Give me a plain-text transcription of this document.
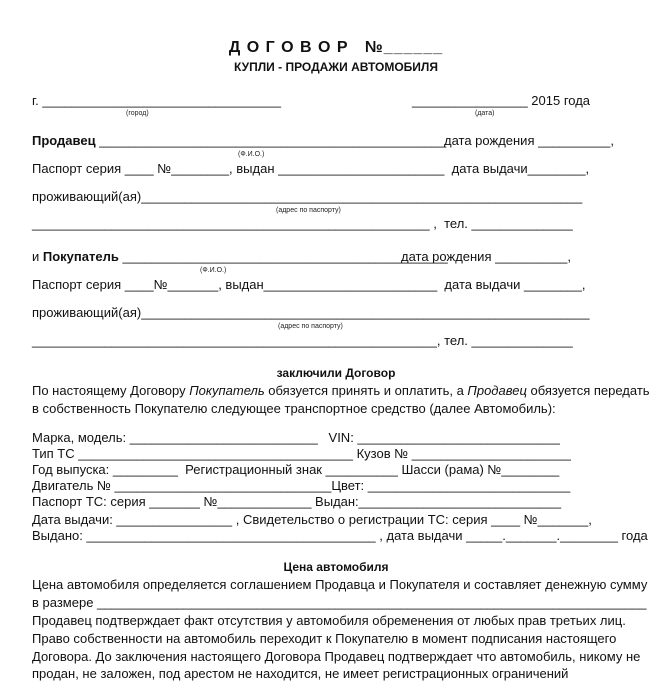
Д О Г О В О Р   №______
КУПЛИ - ПРОДАЖИ АВТОМОБИЛЯ
г. _________________________________
(город)
________________ 2015 года
(дата)
Продавец ________________________________________________
дата рождения __________,
(Ф.И.О.)
Паспорт серия ____ №________, выдан _______________________  дата выдачи________,
проживающий(ая)_____________________________________________________________
(адрес по паспорту)
_______________________________________________________ ,  тел. ______________
и Покупатель _____________________________________________
дата рождения __________,
(Ф.И.О.)
Паспорт серия ____№_______, выдан________________________  дата выдачи ________,
проживающий(ая)______________________________________________________________
(адрес по паспорту)
________________________________________________________, тел. ______________
заключили Договор
По настоящему Договору Покупатель обязуется принять и оплатить, а Продавец обязуется передать
в собственность Покупателю следующее транспортное средство (далее Автомобиль):
Марка, модель: __________________________   VIN: ____________________________
Тип ТС ______________________________________ Кузов № ______________________
Год выпуска: _________  Регистрационный знак __________ Шасси (рама) №________
Двигатель № ______________________________Цвет: ____________________________
Паспорт ТС: серия _______ №_____________ Выдан:____________________________
Дата выдачи: ________________ , Свидетельство о регистрации ТС: серия ____ №_______,
Выдано: ________________________________________ , дата выдачи _____._______.________ года
Цена автомобиля
Цена автомобиля определяется соглашением Продавца и Покупателя и составляет денежную сумму
в размере ____________________________________________________________________________
Продавец подтверждает факт отсутствия у автомобиля обременения от любых прав третьих лиц.
Право собственности на автомобиль переходит к Покупателю в момент подписания настоящего
Договора. До заключения настоящего Договора Продавец подтверждает что автомобиль, никому не
продан, не заложен, под арестом не находится, не имеет регистрационных ограничений
